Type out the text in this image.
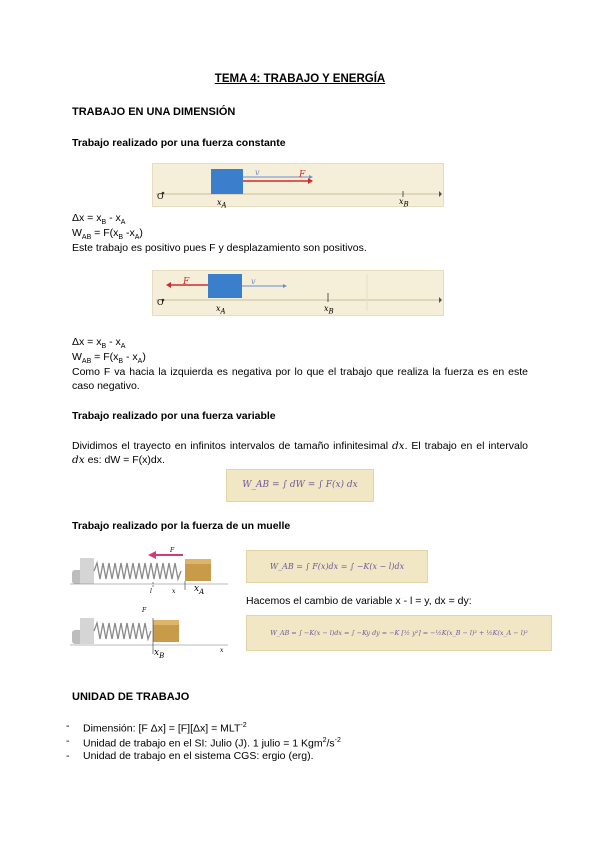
TEMA 4: TRABAJO Y ENERGÍA
TRABAJO EN UNA DIMENSIÓN
Trabajo realizado por una fuerza constante
O
v	F
$x_A$	$x_B$
$\Delta x = x_B - x_A$
$W_{AB} = F(x_B$ $-x_A$)
Este trabajo es positivo pues F y desplazamiento son positivos.
O
F	v
$x_A$	$x_B$
$\Delta x = x_B - x_A$
$W_{AB} = F(x_B - x_A)$
Como F va hacia la izquierda es negativa por lo que el trabajo que realiza la fuerza es en este caso negativo.
Trabajo realizado por una fuerza variable
Dividimos el trayecto en infinitos intervalos de tamaño infinitesimal dx. El trabajo en el intervalo dx es: dW = F(x)dx.
W_AB = ∫ dW = ∫ F(x) dx
Trabajo realizado por la fuerza de un muelle
F
$x_A$
x
l
F
$x_B$
x
W_AB = ∫ F(x)dx = ∫ −K(x − l)dx
Hacemos el cambio de variable x - l = y, dx = dy:
W_AB = ∫ −K(x − l)dx = ∫ −Ky dy = −K [½ y²] = −½K(x_B − l)² + ½K(x_A − l)²
UNIDAD DE TRABAJO
- Dimensión: [F $\Delta x] = [F][\Delta x] = MLT^{-2}$
- Unidad de trabajo en el SI: Julio (J). 1 julio = 1 $Kgm^2/s^{-2}$
- Unidad de trabajo en el sistema CGS: ergio (erg).
